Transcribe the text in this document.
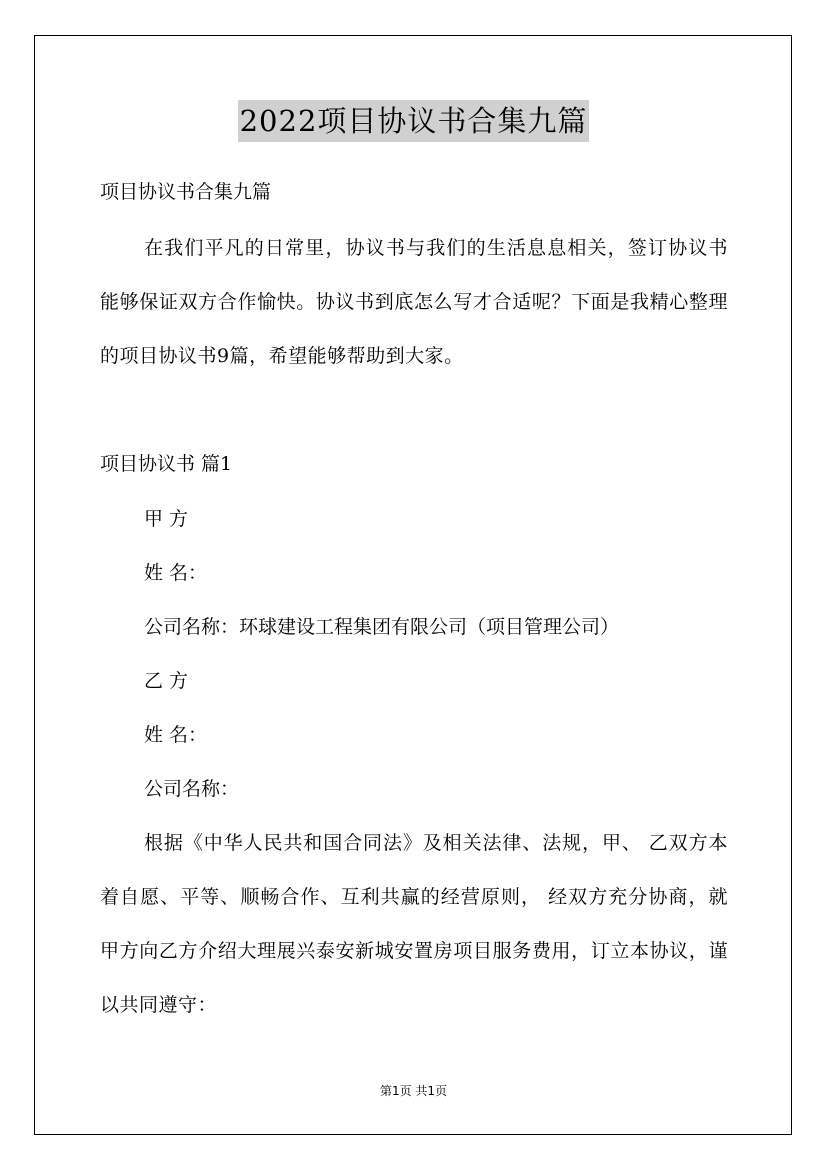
2022项目协议书合集九篇
项目协议书合集九篇
在我们平凡的日常里，协议书与我们的生活息息相关，签订协议书能够保证双方合作愉快。协议书到底怎么写才合适呢？下面是我精心整理的项目协议书9篇，希望能够帮助到大家。
项目协议书 篇1
甲 方
姓 名：
公司名称：环球建设工程集团有限公司（项目管理公司）
乙 方
姓 名：
公司名称：
根据《中华人民共和国合同法》及相关法律、法规，甲、 乙双方本着自愿、平等、顺畅合作、互利共赢的经营原则， 经双方充分协商，就甲方向乙方介绍大理展兴泰安新城安置房项目服务费用，订立本协议，谨以共同遵守：
第1页 共1页
